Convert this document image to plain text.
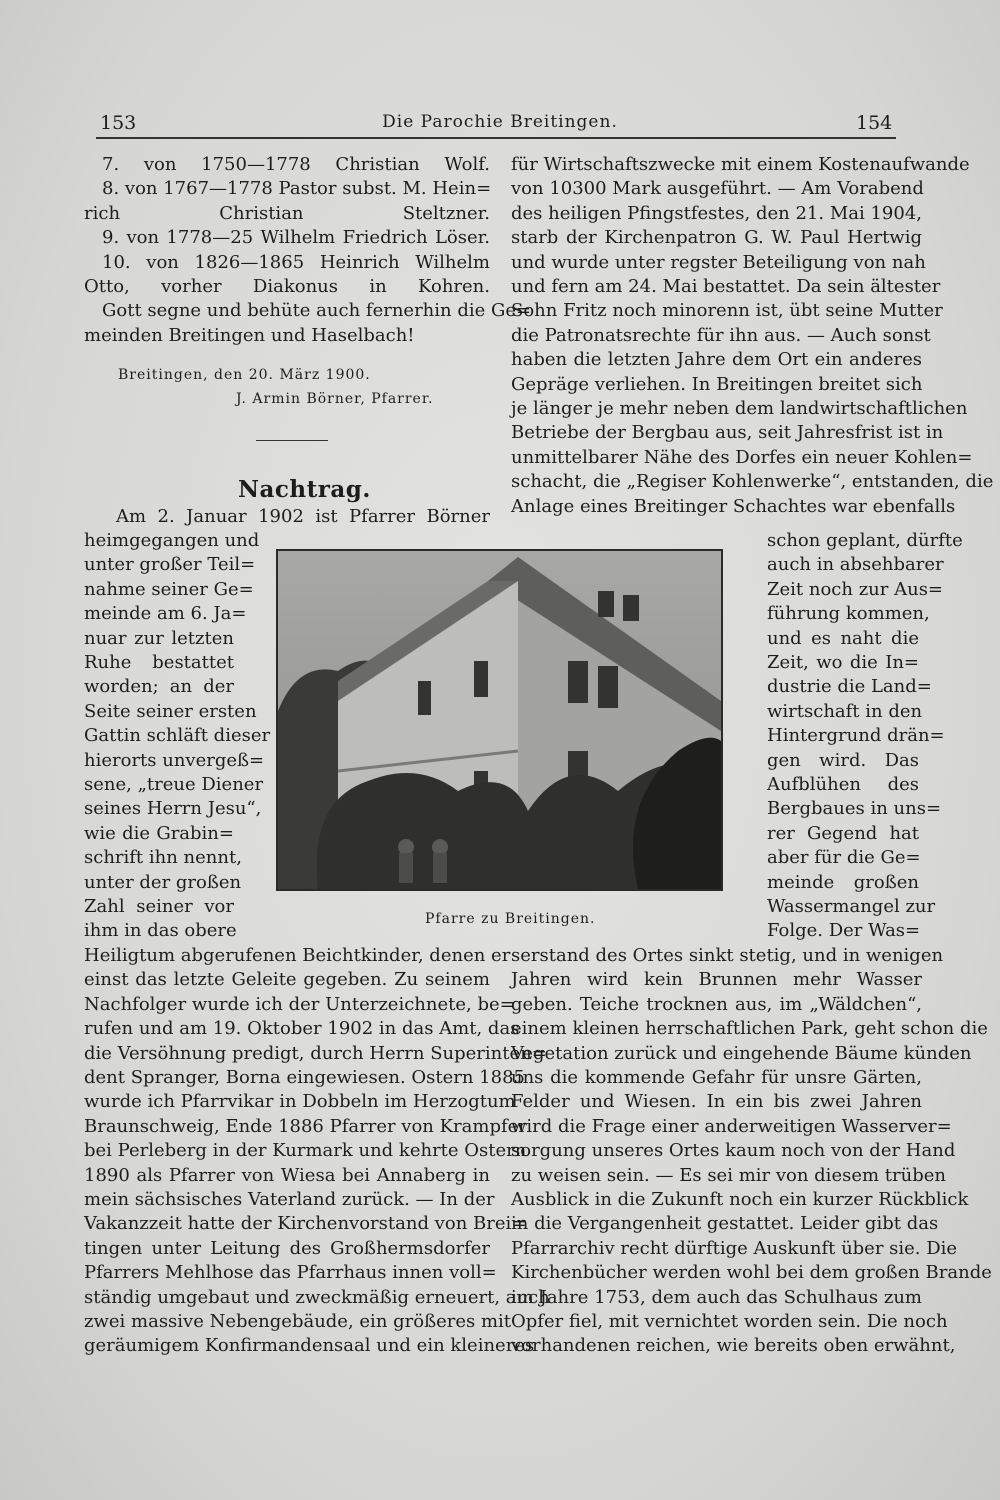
153	Die Parochie Breitingen.	154
7. von 1750—1778 Christian Wolf.
8. von 1767—1778 Pastor subst. M. Hein=
rich Christian Steltzner.
9. von 1778—25 Wilhelm Friedrich Löser.
10. von 1826—1865 Heinrich Wilhelm
Otto, vorher Diakonus in Kohren.
Gott segne und behüte auch fernerhin die Ge=
meinden Breitingen und Haselbach!
heimgegangen und
unter großer Teil=
nahme seiner Ge=
meinde am 6. Ja=
nuar zur letzten
Ruhe bestattet
worden; an der
Seite seiner ersten
Gattin schläft dieser
hierorts unvergeß=
sene, „treue Diener
seines Herrn Jesu“,
wie die Grabin=
schrift ihn nennt,
unter der großen
Zahl seiner vor
ihm in das obere
Heiligtum abgerufenen Beichtkinder, denen er
einst das letzte Geleite gegeben. Zu seinem
Nachfolger wurde ich der Unterzeichnete, be=
rufen und am 19. Oktober 1902 in das Amt, das
die Versöhnung predigt, durch Herrn Superinten=
dent Spranger, Borna eingewiesen. Ostern 1885
wurde ich Pfarrvikar in Dobbeln im Herzogtum
Braunschweig, Ende 1886 Pfarrer von Krampfer
bei Perleberg in der Kurmark und kehrte Ostern
1890 als Pfarrer von Wiesa bei Annaberg in
mein sächsisches Vaterland zurück. — In der
Vakanzzeit hatte der Kirchenvorstand von Brei=
tingen unter Leitung des Großhermsdorfer
Pfarrers Mehlhose das Pfarrhaus innen voll=
ständig umgebaut und zweckmäßig erneuert, auch
zwei massive Nebengebäude, ein größeres mit
geräumigem Konfirmandensaal und ein kleineres
für Wirtschaftszwecke mit einem Kostenaufwande
von 10300 Mark ausgeführt. — Am Vorabend
des heiligen Pfingstfestes, den 21. Mai 1904,
starb der Kirchenpatron G. W. Paul Hertwig
und wurde unter regster Beteiligung von nah
und fern am 24. Mai bestattet. Da sein ältester
Sohn Fritz noch minorenn ist, übt seine Mutter
die Patronatsrechte für ihn aus. — Auch sonst
haben die letzten Jahre dem Ort ein anderes
Gepräge verliehen. In Breitingen breitet sich
je länger je mehr neben dem landwirtschaftlichen
Betriebe der Bergbau aus, seit Jahresfrist ist in
unmittelbarer Nähe des Dorfes ein neuer Kohlen=
schacht, die „Regiser Kohlenwerke“, entstanden, die
Anlage eines Breitinger Schachtes war ebenfalls
schon geplant, dürfte
auch in absehbarer
Zeit noch zur Aus=
führung kommen,
und es naht die
Zeit, wo die In=
dustrie die Land=
wirtschaft in den
Hintergrund drän=
gen wird. Das
Aufblühen des
Bergbaues in uns=
rer Gegend hat
aber für die Ge=
meinde großen
Wassermangel zur
Folge. Der Was=
serstand des Ortes sinkt stetig, und in wenigen
Jahren wird kein Brunnen mehr Wasser
geben. Teiche trocknen aus, im „Wäldchen“,
einem kleinen herrschaftlichen Park, geht schon die
Vegetation zurück und eingehende Bäume künden
uns die kommende Gefahr für unsre Gärten,
Felder und Wiesen. In ein bis zwei Jahren
wird die Frage einer anderweitigen Wasserver=
sorgung unseres Ortes kaum noch von der Hand
zu weisen sein. — Es sei mir von diesem trüben
Ausblick in die Zukunft noch ein kurzer Rückblick
in die Vergangenheit gestattet. Leider gibt das
Pfarrarchiv recht dürftige Auskunft über sie. Die
Kirchenbücher werden wohl bei dem großen Brande
im Jahre 1753, dem auch das Schulhaus zum
Opfer fiel, mit vernichtet worden sein. Die noch
vorhandenen reichen, wie bereits oben erwähnt,
Am 2. Januar 1902 ist Pfarrer Börner
Breitingen, den 20. März 1900.
J. Armin Börner, Pfarrer.
Nachtrag.
Pfarre zu Breitingen.
